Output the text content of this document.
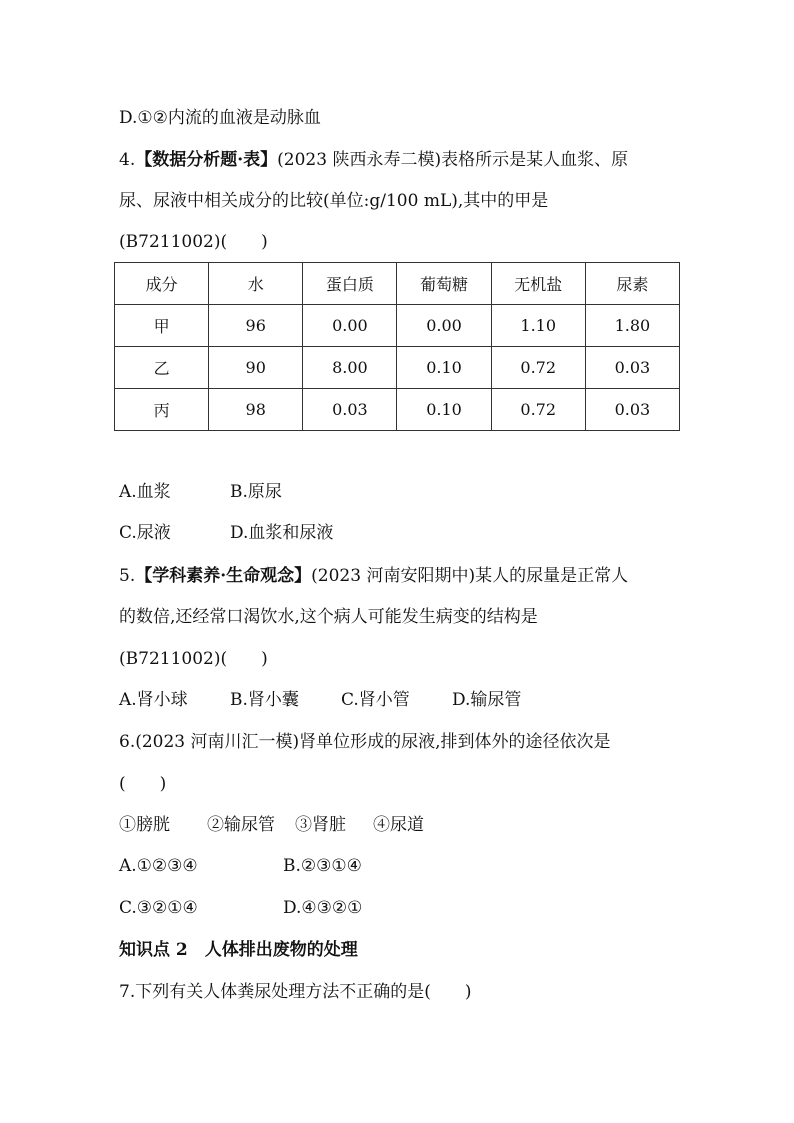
D.①②内流的血液是动脉血
4.【数据分析题·表】(2023 陕西永寿二模)表格所示是某人血浆、原
尿、尿液中相关成分的比较(单位:g/100 mL),其中的甲是
(B7211002)(　　)
成分	水	蛋白质	葡萄糖	无机盐	尿素
甲	96	0.00	0.00	1.10	1.80
乙	90	8.00	0.10	0.72	0.03
丙	98	0.03	0.10	0.72	0.03
A.血浆	B.原尿
C.尿液	D.血浆和尿液
5.【学科素养·生命观念】(2023 河南安阳期中)某人的尿量是正常人
的数倍,还经常口渴饮水,这个病人可能发生病变的结构是
(B7211002)(　　)
A.肾小球 B.肾小囊 C.肾小管 D.输尿管
6.(2023 河南川汇一模)肾单位形成的尿液,排到体外的途径依次是
(　　)
①膀胱 ②输尿管 ③肾脏 ④尿道
A.①②③④	B.②③①④
C.③②①④	D.④③②①
知识点 2　人体排出废物的处理
7.下列有关人体粪尿处理方法不正确的是(　　)
